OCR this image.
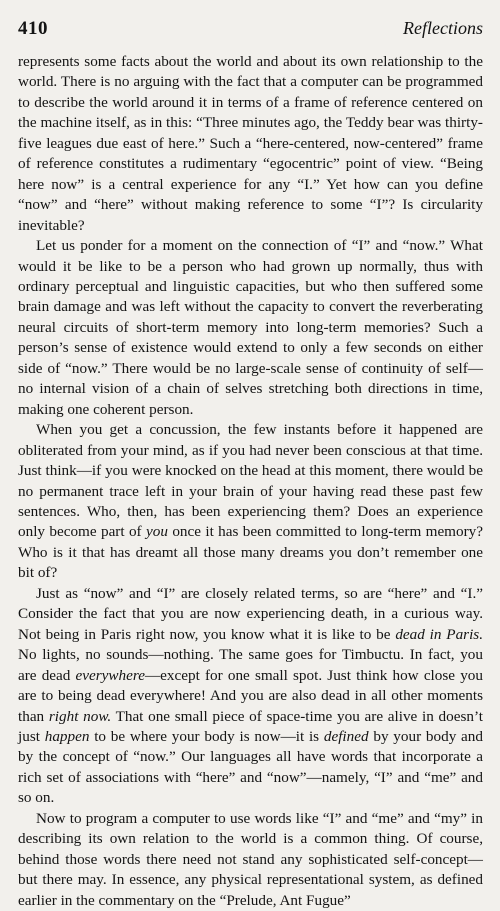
410	Reflections

represents some facts about the world and about its own relationship to the world. There is no arguing with the fact that a computer can be programmed to describe the world around it in terms of a frame of reference centered on the machine itself, as in this: “Three minutes ago, the Teddy bear was thirty-five leagues due east of here.” Such a “here-centered, now-centered” frame of reference constitutes a rudimentary “egocentric” point of view. “Being here now” is a central experience for any “I.” Yet how can you define “now” and “here” without making reference to some “I”? Is circularity inevitable?

Let us ponder for a moment on the connection of “I” and “now.” What would it be like to be a person who had grown up normally, thus with ordinary perceptual and linguistic capacities, but who then suffered some brain damage and was left without the capacity to convert the reverberating neural circuits of short-term memory into long-term memories? Such a person’s sense of existence would extend to only a few seconds on either side of “now.” There would be no large-scale sense of continuity of self—no internal vision of a chain of selves stretching both directions in time, making one coherent person.

When you get a concussion, the few instants before it happened are obliterated from your mind, as if you had never been conscious at that time. Just think—if you were knocked on the head at this moment, there would be no permanent trace left in your brain of your having read these past few sentences. Who, then, has been experiencing them? Does an experience only become part of you once it has been committed to long-term memory? Who is it that has dreamt all those many dreams you don’t remember one bit of?

Just as “now” and “I” are closely related terms, so are “here” and “I.” Consider the fact that you are now experiencing death, in a curious way. Not being in Paris right now, you know what it is like to be dead in Paris. No lights, no sounds—nothing. The same goes for Timbuctu. In fact, you are dead everywhere—except for one small spot. Just think how close you are to being dead everywhere! And you are also dead in all other moments than right now. That one small piece of space-time you are alive in doesn’t just happen to be where your body is now—it is defined by your body and by the concept of “now.” Our languages all have words that incorporate a rich set of associations with “here” and “now”—namely, “I” and “me” and so on.

Now to program a computer to use words like “I” and “me” and “my” in describing its own relation to the world is a common thing. Of course, behind those words there need not stand any sophisticated self-concept—but there may. In essence, any physical representational system, as defined earlier in the commentary on the “Prelude, Ant Fugue”
